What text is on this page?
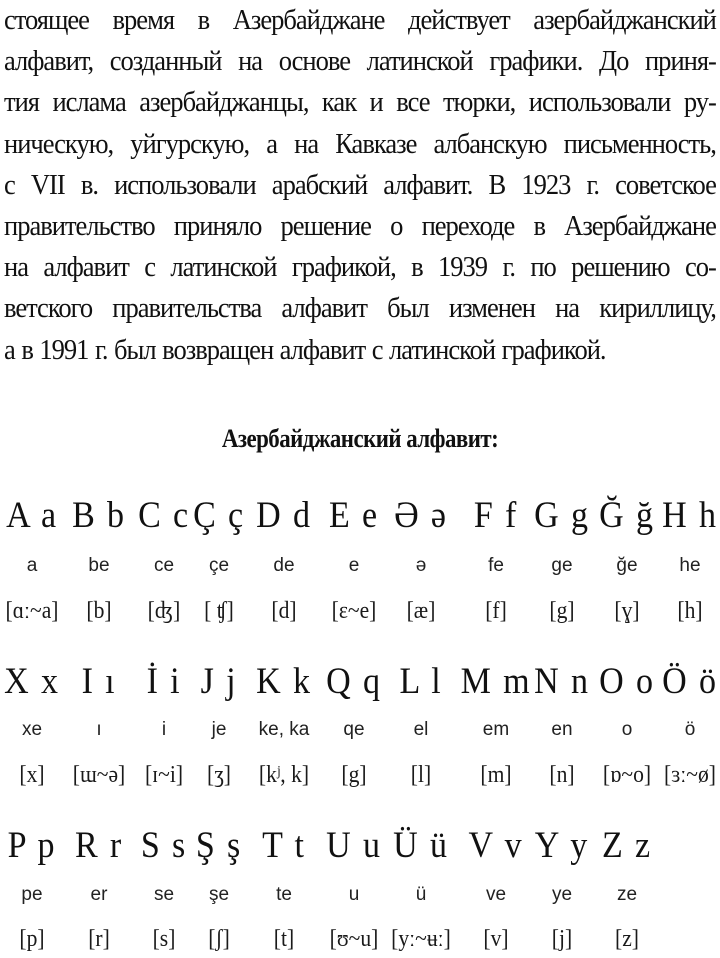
стоящее время в Азербайджане действует азербайджанский
алфавит, созданный на основе латинской графики. До приня-
тия ислама азербайджанцы, как и все тюрки, использовали ру-
ническую, уйгурскую, а на Кавказе албанскую письменность,
с VII в. использовали арабский алфавит. В 1923 г. советское
правительство приняло решение о переходе в Азербайджане
на алфавит с латинской графикой, в 1939 г. по решению со-
ветского правительства алфавит был изменен на кириллицу,
а в 1991 г. был возвращен алфавит с латинской графикой.
Азербайджанский алфавит:
A a
a
[ɑː~a]
B b
be
[b]
C c
ce
[ʤ]
Ç ç
çe
[ ʧ]
D d
de
[d]
E e
e
[ɛ~e]
Ə ə
ə
[æ]
F f
fe
[f]
G g
ge
[g]
Ğ ğ
ğe
[ɣ]
H h
he
[h]
X x
xe
[x]
I ı
ı
[ɯ~ə]
İ i
i
[ɪ~i]
J j
je
[ʒ]
K k
ke, ka
[kʲ, k]
Q q
qe
[g]
L l
el
[l]
M m
em
[m]
N n
en
[n]
O o
o
[ɒ~o]
Ö ö
ö
[ɜː~ø]
P p
pe
[p]
R r
er
[r]
S s
se
[s]
Ş ş
şe
[ʃ]
T t
te
[t]
U u
u
[ʊ~u]
Ü ü
ü
[yː~ʉː]
V v
ve
[v]
Y y
ye
[j]
Z z
ze
[z]
